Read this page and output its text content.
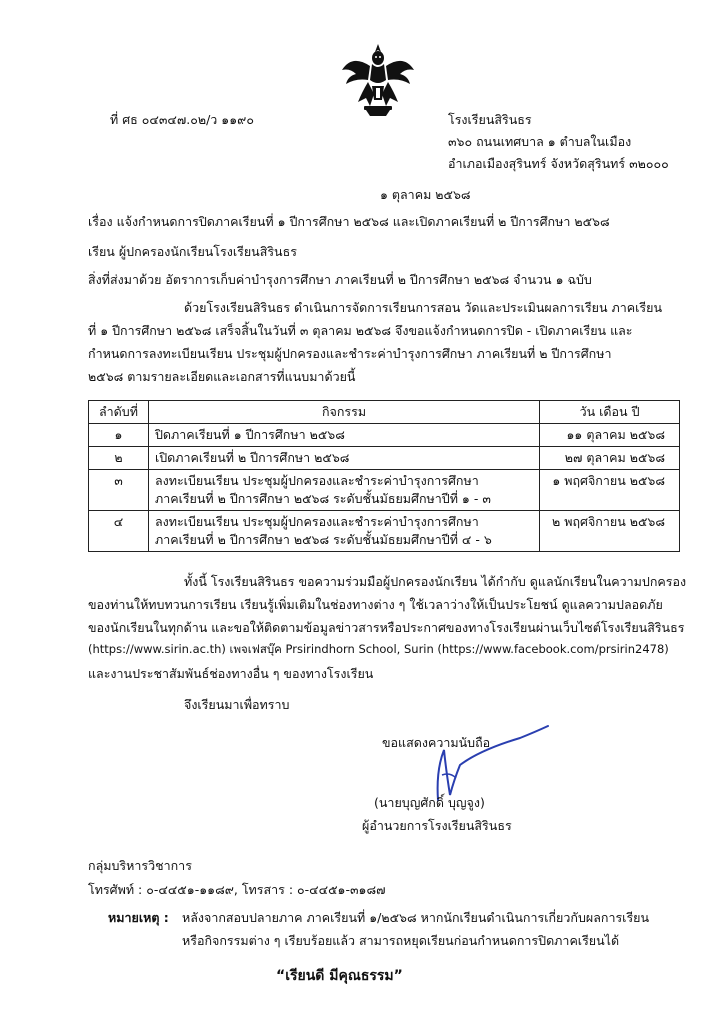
ที่ ศธ ๐๔๓๔๗.๐๒/ว ๑๑๙๐	โรงเรียนสิรินธร
๓๖๐ ถนนเทศบาล ๑ ตำบลในเมือง
อำเภอเมืองสุรินทร์ จังหวัดสุรินทร์ ๓๒๐๐๐
๑ ตุลาคม ๒๕๖๘
เรื่อง แจ้งกำหนดการปิดภาคเรียนที่ ๑ ปีการศึกษา ๒๕๖๘ และเปิดภาคเรียนที่ ๒ ปีการศึกษา ๒๕๖๘
เรียน ผู้ปกครองนักเรียนโรงเรียนสิรินธร
สิ่งที่ส่งมาด้วย อัตราการเก็บค่าบำรุงการศึกษา ภาคเรียนที่ ๒ ปีการศึกษา ๒๕๖๘ จำนวน ๑ ฉบับ
ด้วยโรงเรียนสิรินธร ดำเนินการจัดการเรียนการสอน วัดและประเมินผลการเรียน ภาคเรียน
ที่ ๑ ปีการศึกษา ๒๕๖๘ เสร็จสิ้นในวันที่ ๓ ตุลาคม ๒๕๖๘ จึงขอแจ้งกำหนดการปิด - เปิดภาคเรียน และ
กำหนดการลงทะเบียนเรียน ประชุมผู้ปกครองและชำระค่าบำรุงการศึกษา ภาคเรียนที่ ๒ ปีการศึกษา
๒๕๖๘ ตามรายละเอียดและเอกสารที่แนบมาด้วยนี้
ลำดับที่	กิจกรรม	วัน เดือน ปี
๑	ปิดภาคเรียนที่ ๑ ปีการศึกษา ๒๕๖๘	๑๑ ตุลาคม ๒๕๖๘
๒	เปิดภาคเรียนที่ ๒ ปีการศึกษา ๒๕๖๘	๒๗ ตุลาคม ๒๕๖๘
๓	ลงทะเบียนเรียน ประชุมผู้ปกครองและชำระค่าบำรุงการศึกษา
ภาคเรียนที่ ๒ ปีการศึกษา ๒๕๖๘ ระดับชั้นมัธยมศึกษาปีที่ ๑ - ๓	๑ พฤศจิกายน ๒๕๖๘
๔	ลงทะเบียนเรียน ประชุมผู้ปกครองและชำระค่าบำรุงการศึกษา
ภาคเรียนที่ ๒ ปีการศึกษา ๒๕๖๘ ระดับชั้นมัธยมศึกษาปีที่ ๔ - ๖	๒ พฤศจิกายน ๒๕๖๘
ทั้งนี้ โรงเรียนสิรินธร ขอความร่วมมือผู้ปกครองนักเรียน ได้กำกับ ดูแลนักเรียนในความปกครอง
ของท่านให้ทบทวนการเรียน เรียนรู้เพิ่มเติมในช่องทางต่าง ๆ ใช้เวลาว่างให้เป็นประโยชน์ ดูแลความปลอดภัย
ของนักเรียนในทุกด้าน และขอให้ติดตามข้อมูลข่าวสารหรือประกาศของทางโรงเรียนผ่านเว็บไซต์โรงเรียนสิรินธร
(https://www.sirin.ac.th) เพจเฟสบุ๊ค Prsirindhorn School, Surin (https://www.facebook.com/prsirin2478)
และงานประชาสัมพันธ์ช่องทางอื่น ๆ ของทางโรงเรียน
จึงเรียนมาเพื่อทราบ
ขอแสดงความนับถือ
(นายบุญศักดิ์ บุญจูง)
ผู้อำนวยการโรงเรียนสิรินธร
กลุ่มบริหารวิชาการ
โทรศัพท์ : ๐-๔๔๕๑-๑๑๘๙, โทรสาร : ๐-๔๔๕๑-๓๑๘๗
หมายเหตุ : หลังจากสอบปลายภาค ภาคเรียนที่ ๑/๒๕๖๘ หากนักเรียนดำเนินการเกี่ยวกับผลการเรียน
หรือกิจกรรมต่าง ๆ เรียบร้อยแล้ว สามารถหยุดเรียนก่อนกำหนดการปิดภาคเรียนได้
“เรียนดี มีคุณธรรม”
